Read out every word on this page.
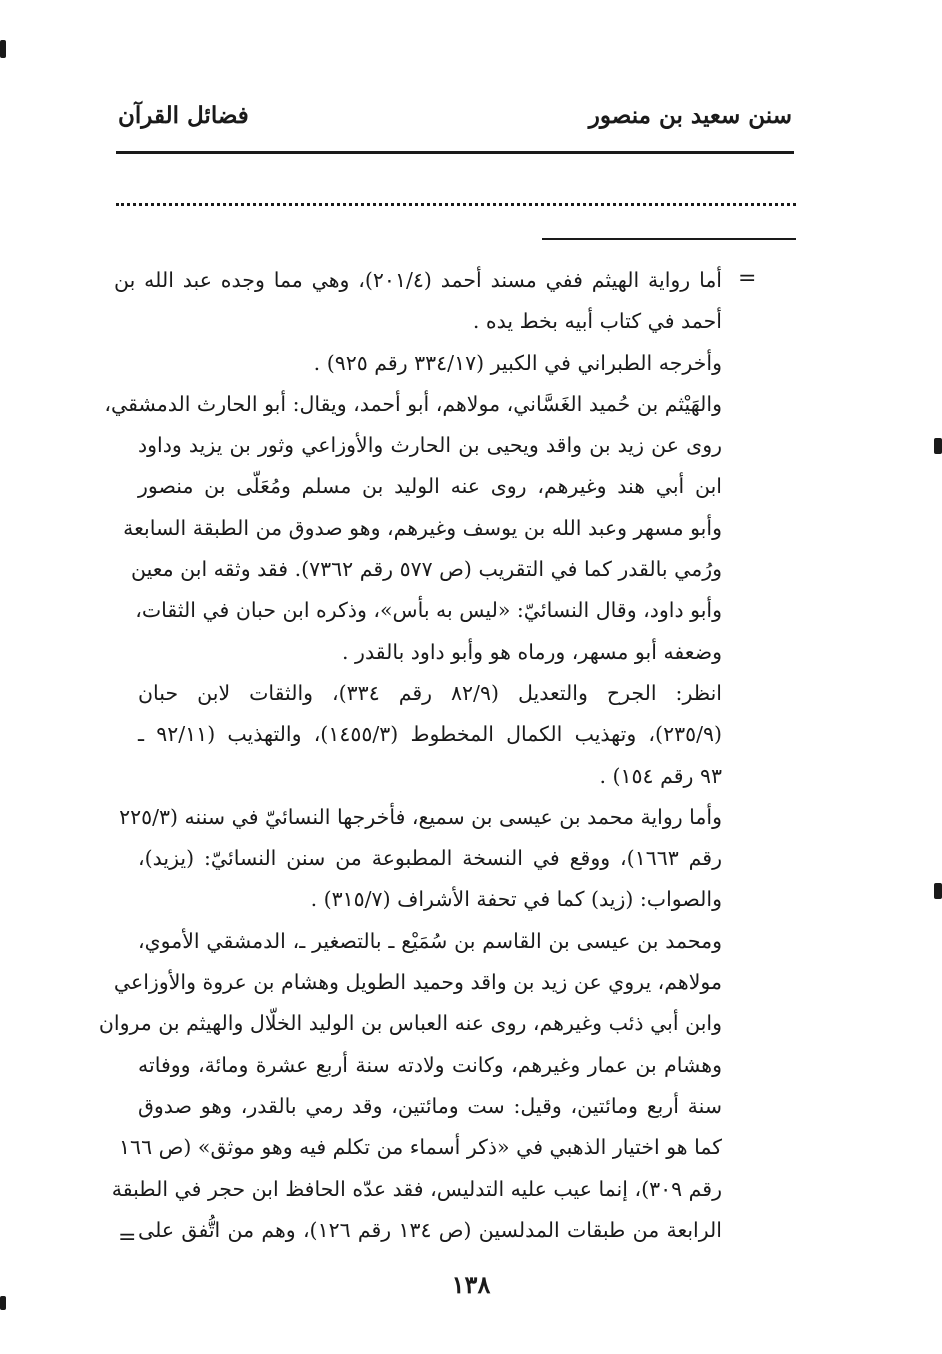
سنن سعيد بن منصور
فضائل القرآن
=
أما رواية الهيثم ففي مسند أحمد (٢٠١/٤)، وهي مما وجده عبد الله بن
أحمد في كتاب أبيه بخط يده .
وأخرجه الطبراني في الكبير (٣٣٤/١٧ رقم ٩٢٥) .
والهَيْثم بن حُميد الغَسَّاني، مولاهم، أبو أحمد، ويقال: أبو الحارث الدمشقي،
روى عن زيد بن واقد ويحيى بن الحارث والأوزاعي وثور بن يزيد وداود
ابن أبي هند وغيرهم، روى عنه الوليد بن مسلم ومُعَلّى بن منصور
وأبو مسهر وعبد الله بن يوسف وغيرهم، وهو صدوق من الطبقة السابعة
ورُمي بالقدر كما في التقريب (ص ٥٧٧ رقم ٧٣٦٢). فقد وثقه ابن معين
وأبو داود، وقال النسائيّ: «ليس به بأس»، وذكره ابن حبان في الثقات،
وضعفه أبو مسهر، ورماه هو وأبو داود بالقدر .
انظر: الجرح والتعديل (٨٢/٩ رقم ٣٣٤)، والثقات لابن حبان
(٢٣٥/٩)، وتهذيب الكمال المخطوط (١٤٥٥/٣)، والتهذيب (٩٢/١١ ـ
٩٣ رقم ١٥٤) .
وأما رواية محمد بن عيسى بن سميع، فأخرجها النسائيّ في سننه (٢٢٥/٣
رقم ١٦٦٣)، ووقع في النسخة المطبوعة من سنن النسائيّ: (يزيد)،
والصواب: (زيد) كما في تحفة الأشراف (٣١٥/٧) .
ومحمد بن عيسى بن القاسم بن سُمَيْع ـ بالتصغير ـ، الدمشقي الأموي،
مولاهم، يروي عن زيد بن واقد وحميد الطويل وهشام بن عروة والأوزاعي
وابن أبي ذئب وغيرهم، روى عنه العباس بن الوليد الخلّال والهيثم بن مروان
وهشام بن عمار وغيرهم، وكانت ولادته سنة أربع عشرة ومائة، ووفاته
سنة أربع ومائتين، وقيل: ست ومائتين، وقد رمي بالقدر، وهو صدوق
كما هو اختيار الذهبي في «ذكر أسماء من تكلم فيه وهو موثق» (ص ١٦٦
رقم ٣٠٩)، إنما عيب عليه التدليس، فقد عدّه الحافظ ابن حجر في الطبقة
الرابعة من طبقات المدلسين (ص ١٣٤ رقم ١٢٦)، وهم من اتُّفق على
=
١٣٨
